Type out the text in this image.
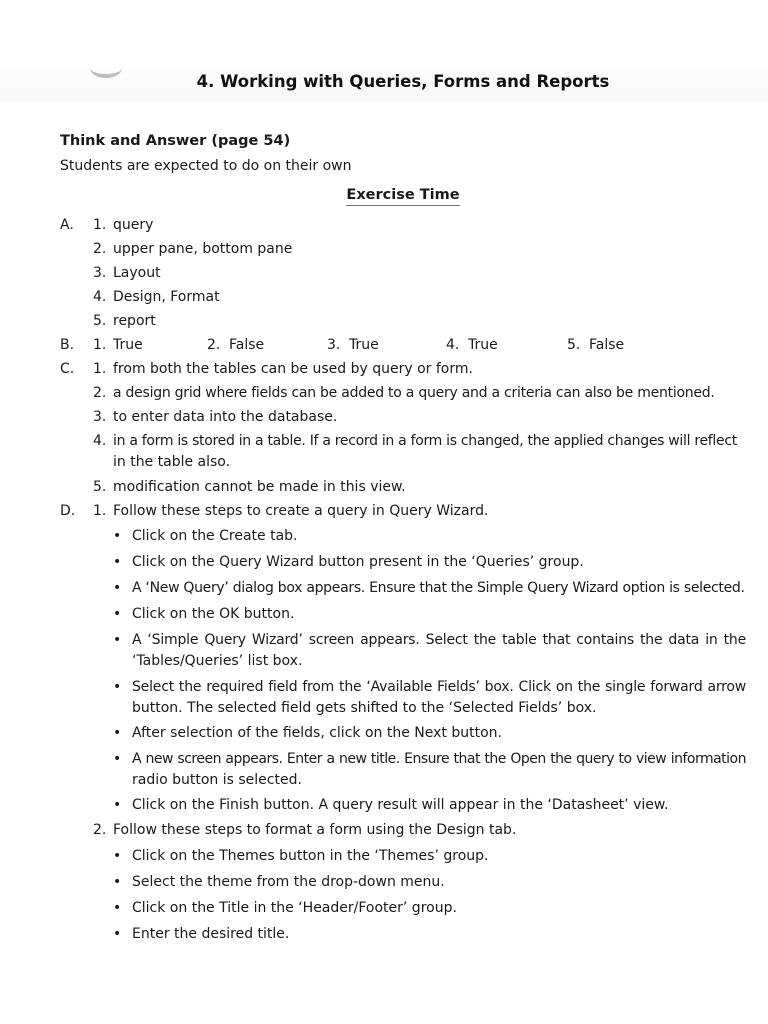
4. Working with Queries, Forms and Reports
Think and Answer (page 54)
Students are expected to do on their own
Exercise Time
A. 1. query
2. upper pane, bottom pane
3. Layout
4. Design, Format
5. report
B. 1. True	2. False	3. True	4. True	5. False
C. 1. from both the tables can be used by query or form.
2. a design grid where fields can be added to a query and a criteria can also be mentioned.
3. to enter data into the database.
4. in a form is stored in a table. If a record in a form is changed, the applied changes will reflect
in the table also.
5. modification cannot be made in this view.
D. 1. Follow these steps to create a query in Query Wizard.
• Click on the Create tab.
• Click on the Query Wizard button present in the ‘Queries’ group.
• A ‘New Query’ dialog box appears. Ensure that the Simple Query Wizard option is selected.
• Click on the OK button.
• A ‘Simple Query Wizard’ screen appears. Select the table that contains the data in the
‘Tables/Queries’ list box.
• Select the required field from the ‘Available Fields’ box. Click on the single forward arrow
button. The selected field gets shifted to the ‘Selected Fields’ box.
• After selection of the fields, click on the Next button.
• A new screen appears. Enter a new title. Ensure that the Open the query to view information
radio button is selected.
• Click on the Finish button. A query result will appear in the ‘Datasheet’ view.
2. Follow these steps to format a form using the Design tab.
• Click on the Themes button in the ‘Themes’ group.
• Select the theme from the drop-down menu.
• Click on the Title in the ‘Header/Footer’ group.
• Enter the desired title.
